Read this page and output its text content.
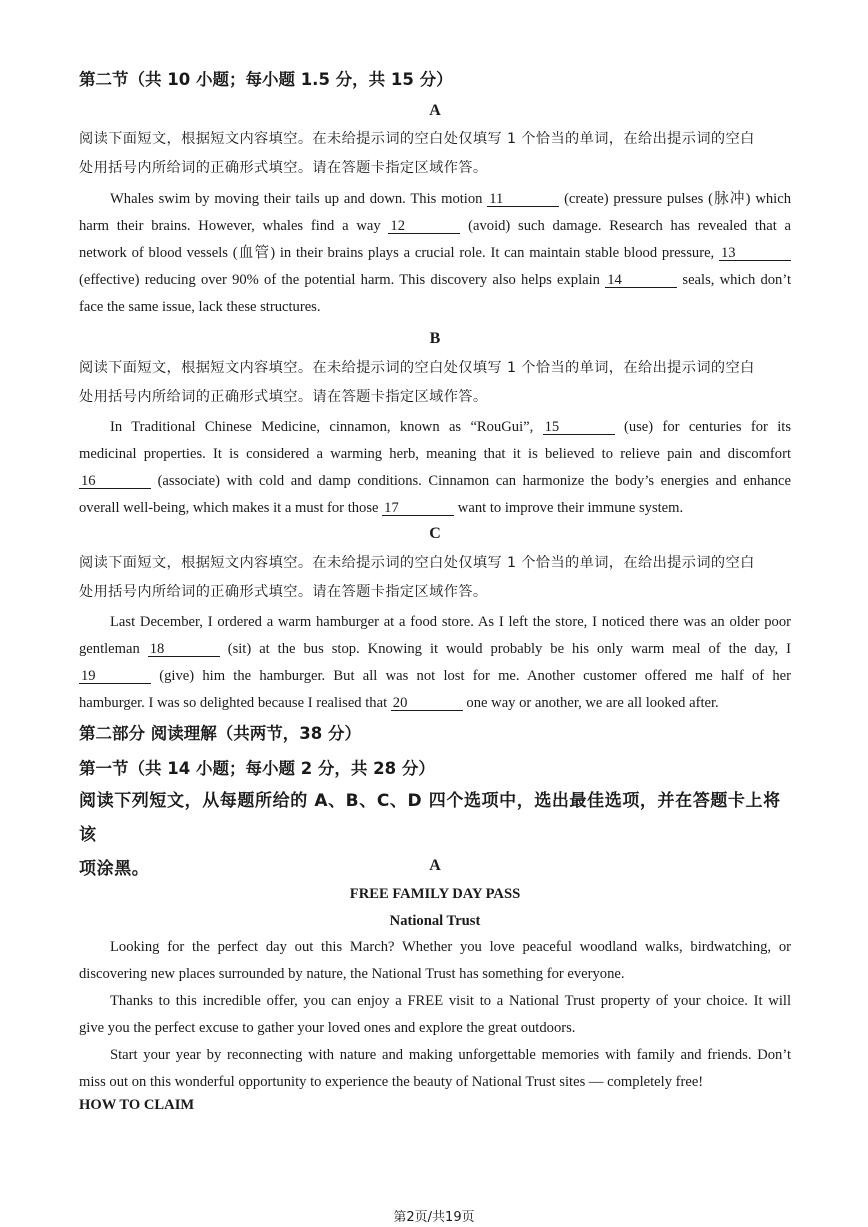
第二节（共 10 小题；每小题 1.5 分，共 15 分）
A
阅读下面短文，根据短文内容填空。在未给提示词的空白处仅填写 1 个恰当的单词，在给出提示词的空白
处用括号内所给词的正确形式填空。请在答题卡指定区域作答。
Whales swim by moving their tails up and down. This motion 11	(create) pressure pulses (脉冲) which
harm their brains. However, whales find a way 12	(avoid) such damage. Research has revealed that a
network of blood vessels (血管) in their brains plays a crucial role. It can maintain stable blood pressure, 13
(effective) reducing over 90% of the potential harm. This discovery also helps explain 14	seals, which don’t
face the same issue, lack these structures.
B
阅读下面短文，根据短文内容填空。在未给提示词的空白处仅填写 1 个恰当的单词，在给出提示词的空白
处用括号内所给词的正确形式填空。请在答题卡指定区域作答。
In Traditional Chinese Medicine, cinnamon, known as “RouGui”, 15	(use) for centuries for its
medicinal properties. It is considered a warming herb, meaning that it is believed to relieve pain and discomfort
16	(associate) with cold and damp conditions. Cinnamon can harmonize the body’s energies and enhance
overall well-being, which makes it a must for those 17	want to improve their immune system.
C
阅读下面短文，根据短文内容填空。在未给提示词的空白处仅填写 1 个恰当的单词，在给出提示词的空白
处用括号内所给词的正确形式填空。请在答题卡指定区域作答。
Last December, I ordered a warm hamburger at a food store. As I left the store, I noticed there was an older poor
gentleman 18	(sit) at the bus stop. Knowing it would probably be his only warm meal of the day, I
19	(give) him the hamburger. But all was not lost for me. Another customer offered me half of her
hamburger. I was so delighted because I realised that 20	one way or another, we are all looked after.
第二部分 阅读理解（共两节，38 分）
第一节（共 14 小题；每小题 2 分，共 28 分）
阅读下列短文，从每题所给的 A、B、C、D 四个选项中，选出最佳选项，并在答题卡上将该
项涂黑。	A
FREE FAMILY DAY PASS
National Trust
Looking for the perfect day out this March? Whether you love peaceful woodland walks, birdwatching, or
discovering new places surrounded by nature, the National Trust has something for everyone.
Thanks to this incredible offer, you can enjoy a FREE visit to a National Trust property of your choice. It will
give you the perfect excuse to gather your loved ones and explore the great outdoors.
Start your year by reconnecting with nature and making unforgettable memories with family and friends. Don’t
miss out on this wonderful opportunity to experience the beauty of National Trust sites — completely free!
HOW TO CLAIM
第2页/共19页
